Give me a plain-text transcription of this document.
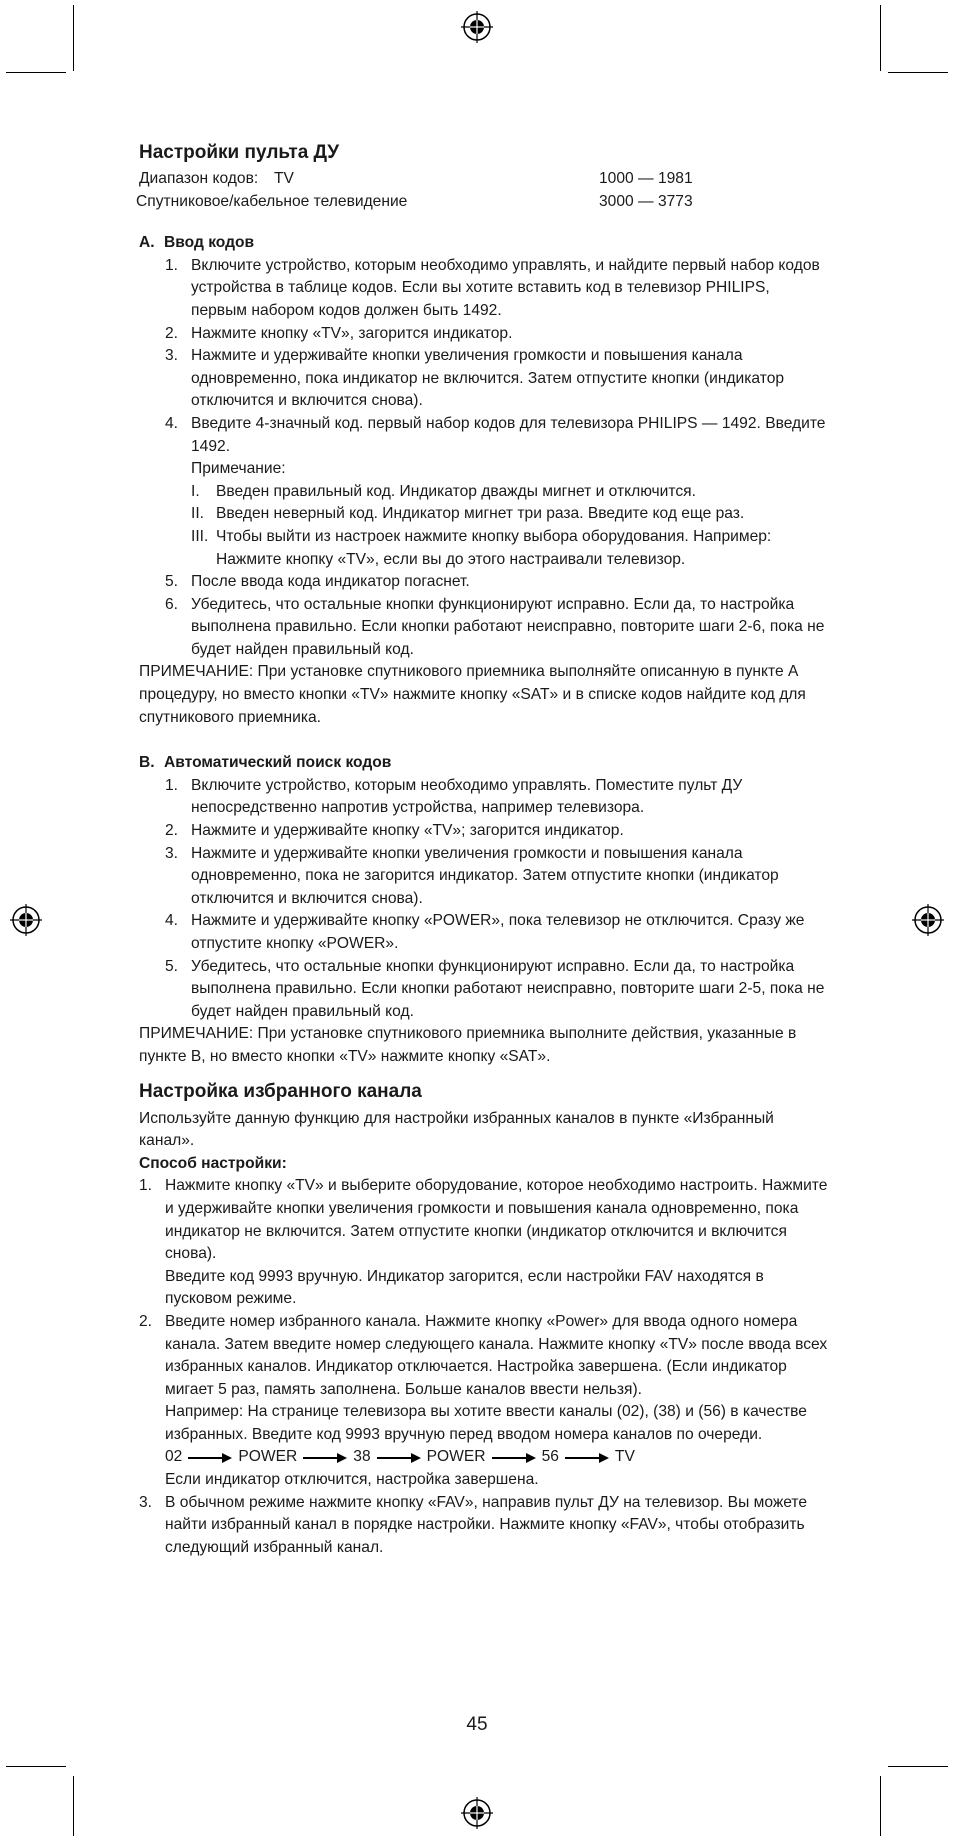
Настройки пульта ДУ
Диапазон кодов:	TV	1000 — 1981
Спутниковое/кабельное телевидение	3000 — 3773
A. Ввод кодов
1. Включите устройство, которым необходимо управлять, и найдите первый набор кодов устройства в таблице кодов. Если вы хотите вставить код в телевизор PHILIPS, первым набором кодов должен быть 1492.
2. Нажмите кнопку «TV», загорится индикатор.
3. Нажмите и удерживайте кнопки увеличения громкости и повышения канала одновременно, пока индикатор не включится. Затем отпустите кнопки (индикатор отключится и включится снова).
4. Введите 4-значный код. первый набор кодов для телевизора PHILIPS — 1492. Введите 1492.
Примечание:
I.	Введен правильный код. Индикатор дважды мигнет и отключится.
II. Введен неверный код. Индикатор мигнет три раза. Введите код еще раз.
III. Чтобы выйти из настроек нажмите кнопку выбора оборудования. Например: Нажмите кнопку «TV», если вы до этого настраивали телевизор.
5. После ввода кода индикатор погаснет.
6. Убедитесь, что остальные кнопки функционируют исправно. Если да, то настройка выполнена правильно. Если кнопки работают неисправно, повторите шаги 2-6, пока не будет найден правильный код.

ПРИМЕЧАНИЕ: При установке спутникового приемника выполняйте описанную в пункте A процедуру, но вместо кнопки «TV» нажмите кнопку «SAT» и в списке кодов найдите код для спутникового приемника.

B. Автоматический поиск кодов
1. Включите устройство, которым необходимо управлять. Поместите пульт ДУ непосредственно напротив устройства, например телевизора.
2. Нажмите и удерживайте кнопку «TV»; загорится индикатор.
3. Нажмите и удерживайте кнопки увеличения громкости и повышения канала одновременно, пока не загорится индикатор. Затем отпустите кнопки (индикатор отключится и включится снова).
4. Нажмите и удерживайте кнопку «POWER», пока телевизор не отключится. Сразу же отпустите кнопку «POWER».
5. Убедитесь, что остальные кнопки функционируют исправно. Если да, то настройка выполнена правильно. Если кнопки работают неисправно, повторите шаги 2-5, пока не будет найден правильный код.

ПРИМЕЧАНИЕ: При установке спутникового приемника выполните действия, указанные в пункте B, но вместо кнопки «TV» нажмите кнопку «SAT».

Настройка избранного канала

Используйте данную функцию для настройки избранных каналов в пункте «Избранный канал».

Способ настройки:

1. Нажмите кнопку «TV» и выберите оборудование, которое необходимо настроить. Нажмите и удерживайте кнопки увеличения громкости и повышения канала одновременно, пока индикатор не включится. Затем отпустите кнопки (индикатор отключится и включится снова).
Введите код 9993 вручную. Индикатор загорится, если настройки FAV находятся в пусковом режиме.
2. Введите номер избранного канала. Нажмите кнопку «Power» для ввода одного номера канала. Затем введите номер следующего канала. Нажмите кнопку «TV» после ввода всех избранных каналов. Индикатор отключается. Настройка завершена. (Если индикатор мигает 5 раз, память заполнена. Больше каналов ввести нельзя).
Например: На странице телевизора вы хотите ввести каналы (02), (38) и (56) в качестве избранных. Введите код 9993 вручную перед вводом номера каналов по очереди.
02	POWER	38	POWER	56	TV
Если индикатор отключится, настройка завершена.
3. В обычном режиме нажмите кнопку «FAV», направив пульт ДУ на телевизор. Вы можете найти избранный канал в порядке настройки. Нажмите кнопку «FAV», чтобы отобразить следующий избранный канал.
45
